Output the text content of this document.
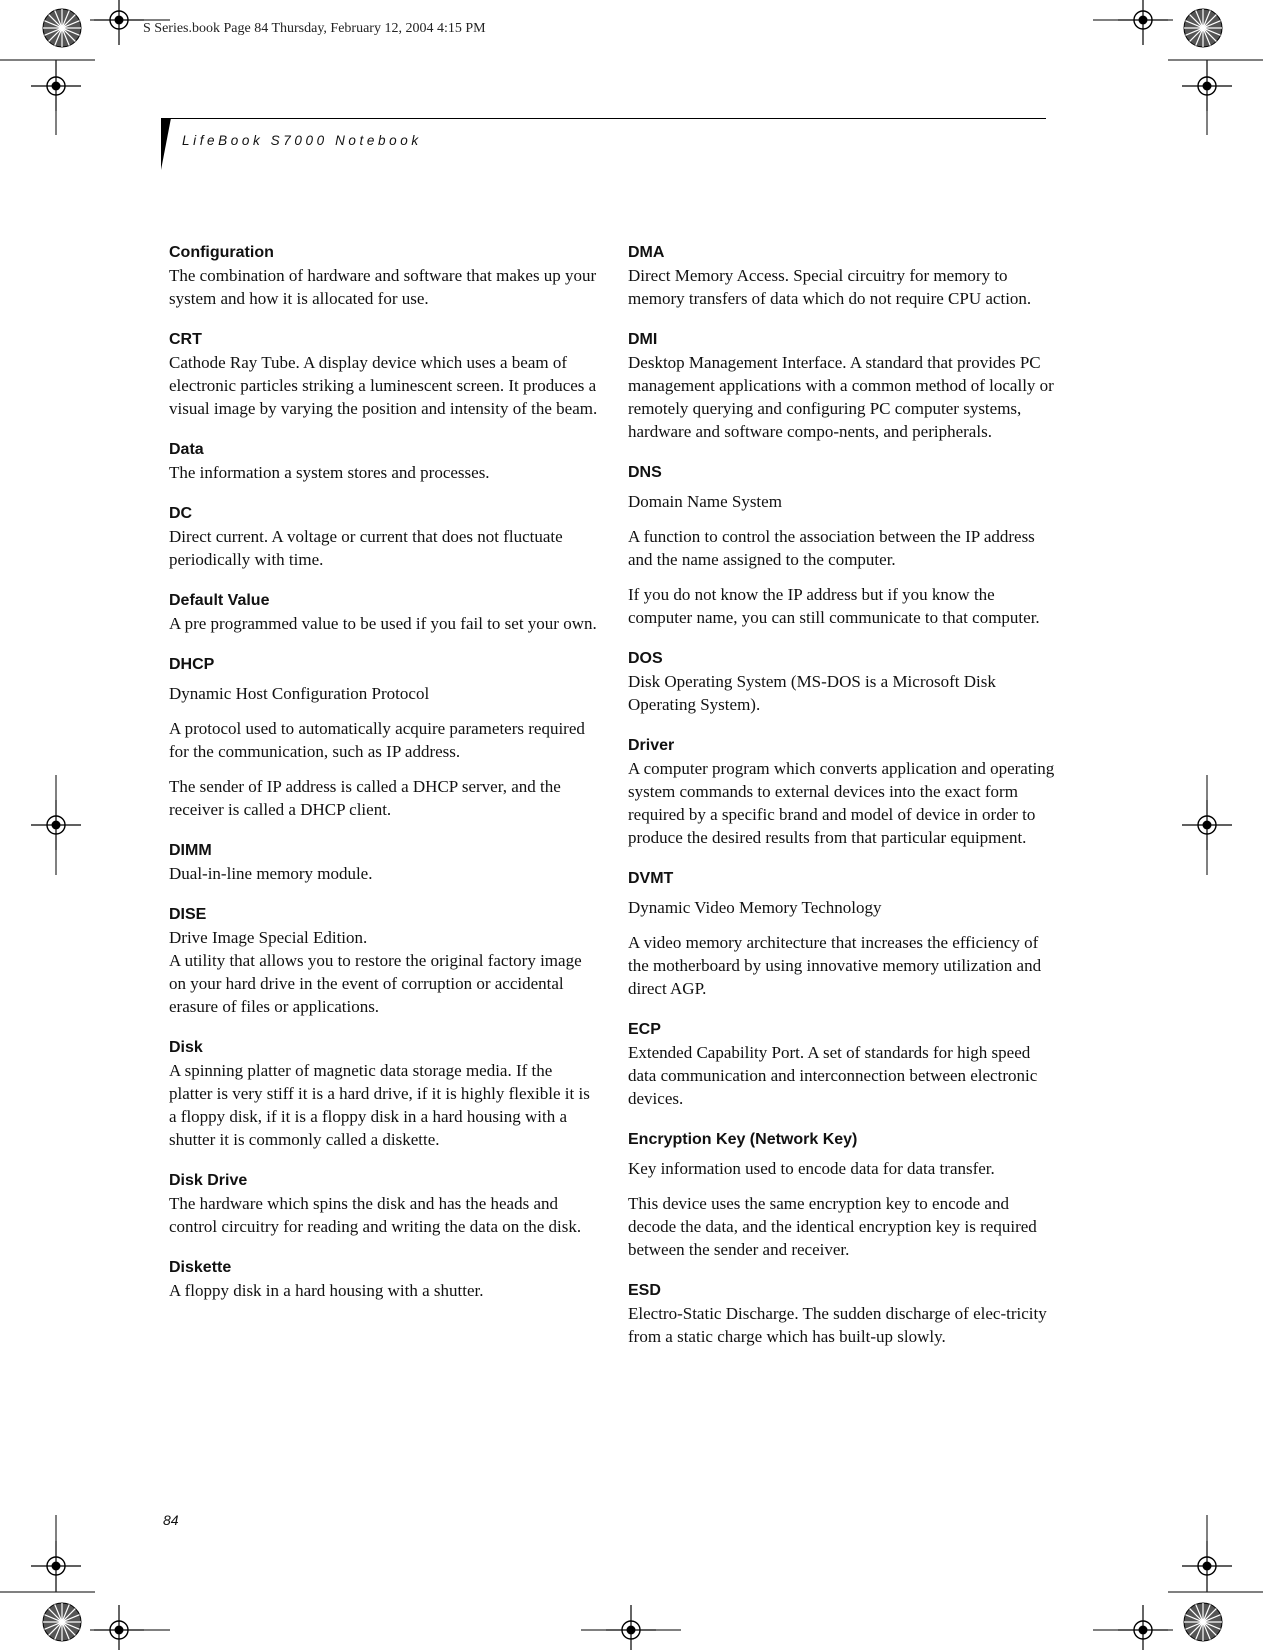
S Series.book Page 84 Thursday, February 12, 2004 4:15 PM
LifeBook S7000 Notebook
Configuration

The combination of hardware and software that makes up your system and how it is allocated for use.

CRT

Cathode Ray Tube. A display device which uses a beam of electronic particles striking a luminescent screen. It produces a visual image by varying the position and intensity of the beam.

Data

The information a system stores and processes.

DC

Direct current. A voltage or current that does not fluctuate periodically with time.

Default Value

A pre programmed value to be used if you fail to set your own.

DHCP

Dynamic Host Configuration Protocol

A protocol used to automatically acquire parameters required for the communication, such as IP address.

The sender of IP address is called a DHCP server, and the receiver is called a DHCP client.

DIMM

Dual-in-line memory module.

DISE

Drive Image Special Edition.
A utility that allows you to restore the original factory image on your hard drive in the event of corruption or accidental erasure of files or applications.

Disk

A spinning platter of magnetic data storage media. If the platter is very stiff it is a hard drive, if it is highly flexible it is a floppy disk, if it is a floppy disk in a hard housing with a shutter it is commonly called a diskette.

Disk Drive

The hardware which spins the disk and has the heads and control circuitry for reading and writing the data on the disk.

Diskette

A floppy disk in a hard housing with a shutter.

DMA

Direct Memory Access. Special circuitry for memory to memory transfers of data which do not require CPU action.

DMI

Desktop Management Interface. A standard that provides PC management applications with a common method of locally or remotely querying and configuring PC computer systems, hardware and software compo-nents, and peripherals.

DNS

Domain Name System

A function to control the association between the IP address and the name assigned to the computer.

If you do not know the IP address but if you know the computer name, you can still communicate to that computer.

DOS

Disk Operating System (MS-DOS is a Microsoft Disk Operating System).

Driver

A computer program which converts application and operating system commands to external devices into the exact form required by a specific brand and model of device in order to produce the desired results from that particular equipment.

DVMT

Dynamic Video Memory Technology

A video memory architecture that increases the efficiency of the motherboard by using innovative memory utilization and direct AGP.

ECP

Extended Capability Port. A set of standards for high speed data communication and interconnection between electronic devices.

Encryption Key (Network Key)

Key information used to encode data for data transfer.

This device uses the same encryption key to encode and decode the data, and the identical encryption key is required between the sender and receiver.

ESD

Electro-Static Discharge. The sudden discharge of elec-tricity from a static charge which has built-up slowly.

84
